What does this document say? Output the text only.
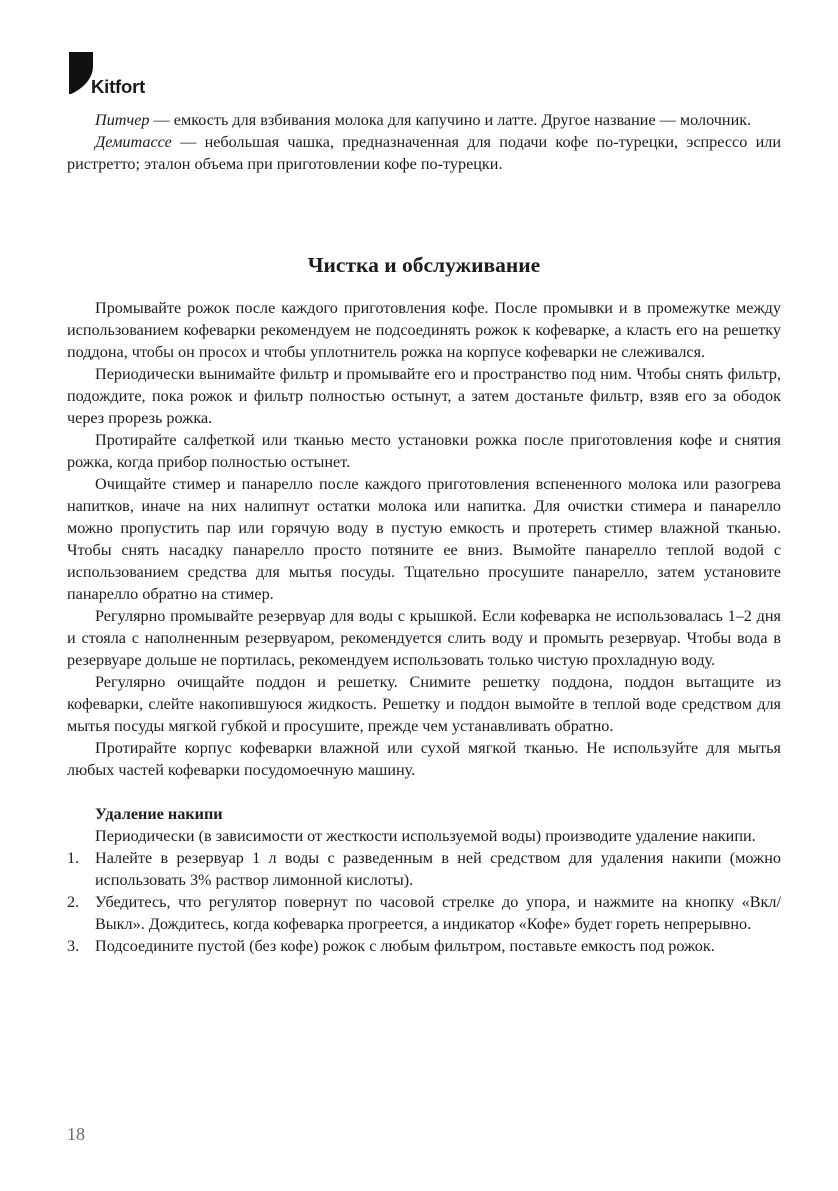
Kitfort

Питчер — емкость для взбивания молока для капучино и латте. Другое название — молочник.

Демитассе — небольшая чашка, предназначенная для подачи кофе по-турецки, эспрессо или ристретто; эталон объема при приготовлении кофе по-турецки.

Чистка и обслуживание

Промывайте рожок после каждого приготовления кофе. После промывки и в промежутке между использованием кофеварки рекомендуем не подсоединять рожок к кофеварке, а класть его на решетку поддона, чтобы он просох и чтобы уплотнитель рожка на корпусе кофеварки не слеживался.

Периодически вынимайте фильтр и промывайте его и пространство под ним. Чтобы снять фильтр, подождите, пока рожок и фильтр полностью остынут, а затем достаньте фильтр, взяв его за ободок через прорезь рожка.

Протирайте салфеткой или тканью место установки рожка после приготовления кофе и снятия рожка, когда прибор полностью остынет.

Очищайте стимер и панарелло после каждого приготовления вспененного молока или разогрева напитков, иначе на них налипнут остатки молока или напитка. Для очистки стимера и панарелло можно пропустить пар или горячую воду в пустую емкость и протереть стимер влажной тканью. Чтобы снять насадку панарелло просто потяните ее вниз. Вымойте панарелло теплой водой с использованием средства для мытья посуды. Тщательно просушите панарелло, затем установите панарелло обратно на стимер.

Регулярно промывайте резервуар для воды с крышкой. Если кофеварка не использовалась 1–2 дня и стояла с наполненным резервуаром, рекомендуется слить воду и промыть резервуар. Чтобы вода в резервуаре дольше не портилась, рекомендуем использовать только чистую прохладную воду.

Регулярно очищайте поддон и решетку. Снимите решетку поддона, поддон вытащите из кофеварки, слейте накопившуюся жидкость. Решетку и поддон вымойте в теплой воде средством для мытья посуды мягкой губкой и просушите, прежде чем устанавливать обратно.

Протирайте корпус кофеварки влажной или сухой мягкой тканью. Не используйте для мытья любых частей кофеварки посудомоечную машину.

Удаление накипи

Периодически (в зависимости от жесткости используемой воды) производите удаление накипи.

1. Налейте в резервуар 1 л воды с разведенным в ней средством для удаления накипи (можно использовать 3% раствор лимонной кислоты).
2. Убедитесь, что регулятор повернут по часовой стрелке до упора, и нажмите на кнопку «Вкл/Выкл». Дождитесь, когда кофеварка прогреется, а индикатор «Кофе» будет гореть непрерывно.
3. Подсоедините пустой (без кофе) рожок с любым фильтром, поставьте емкость под рожок.
18
